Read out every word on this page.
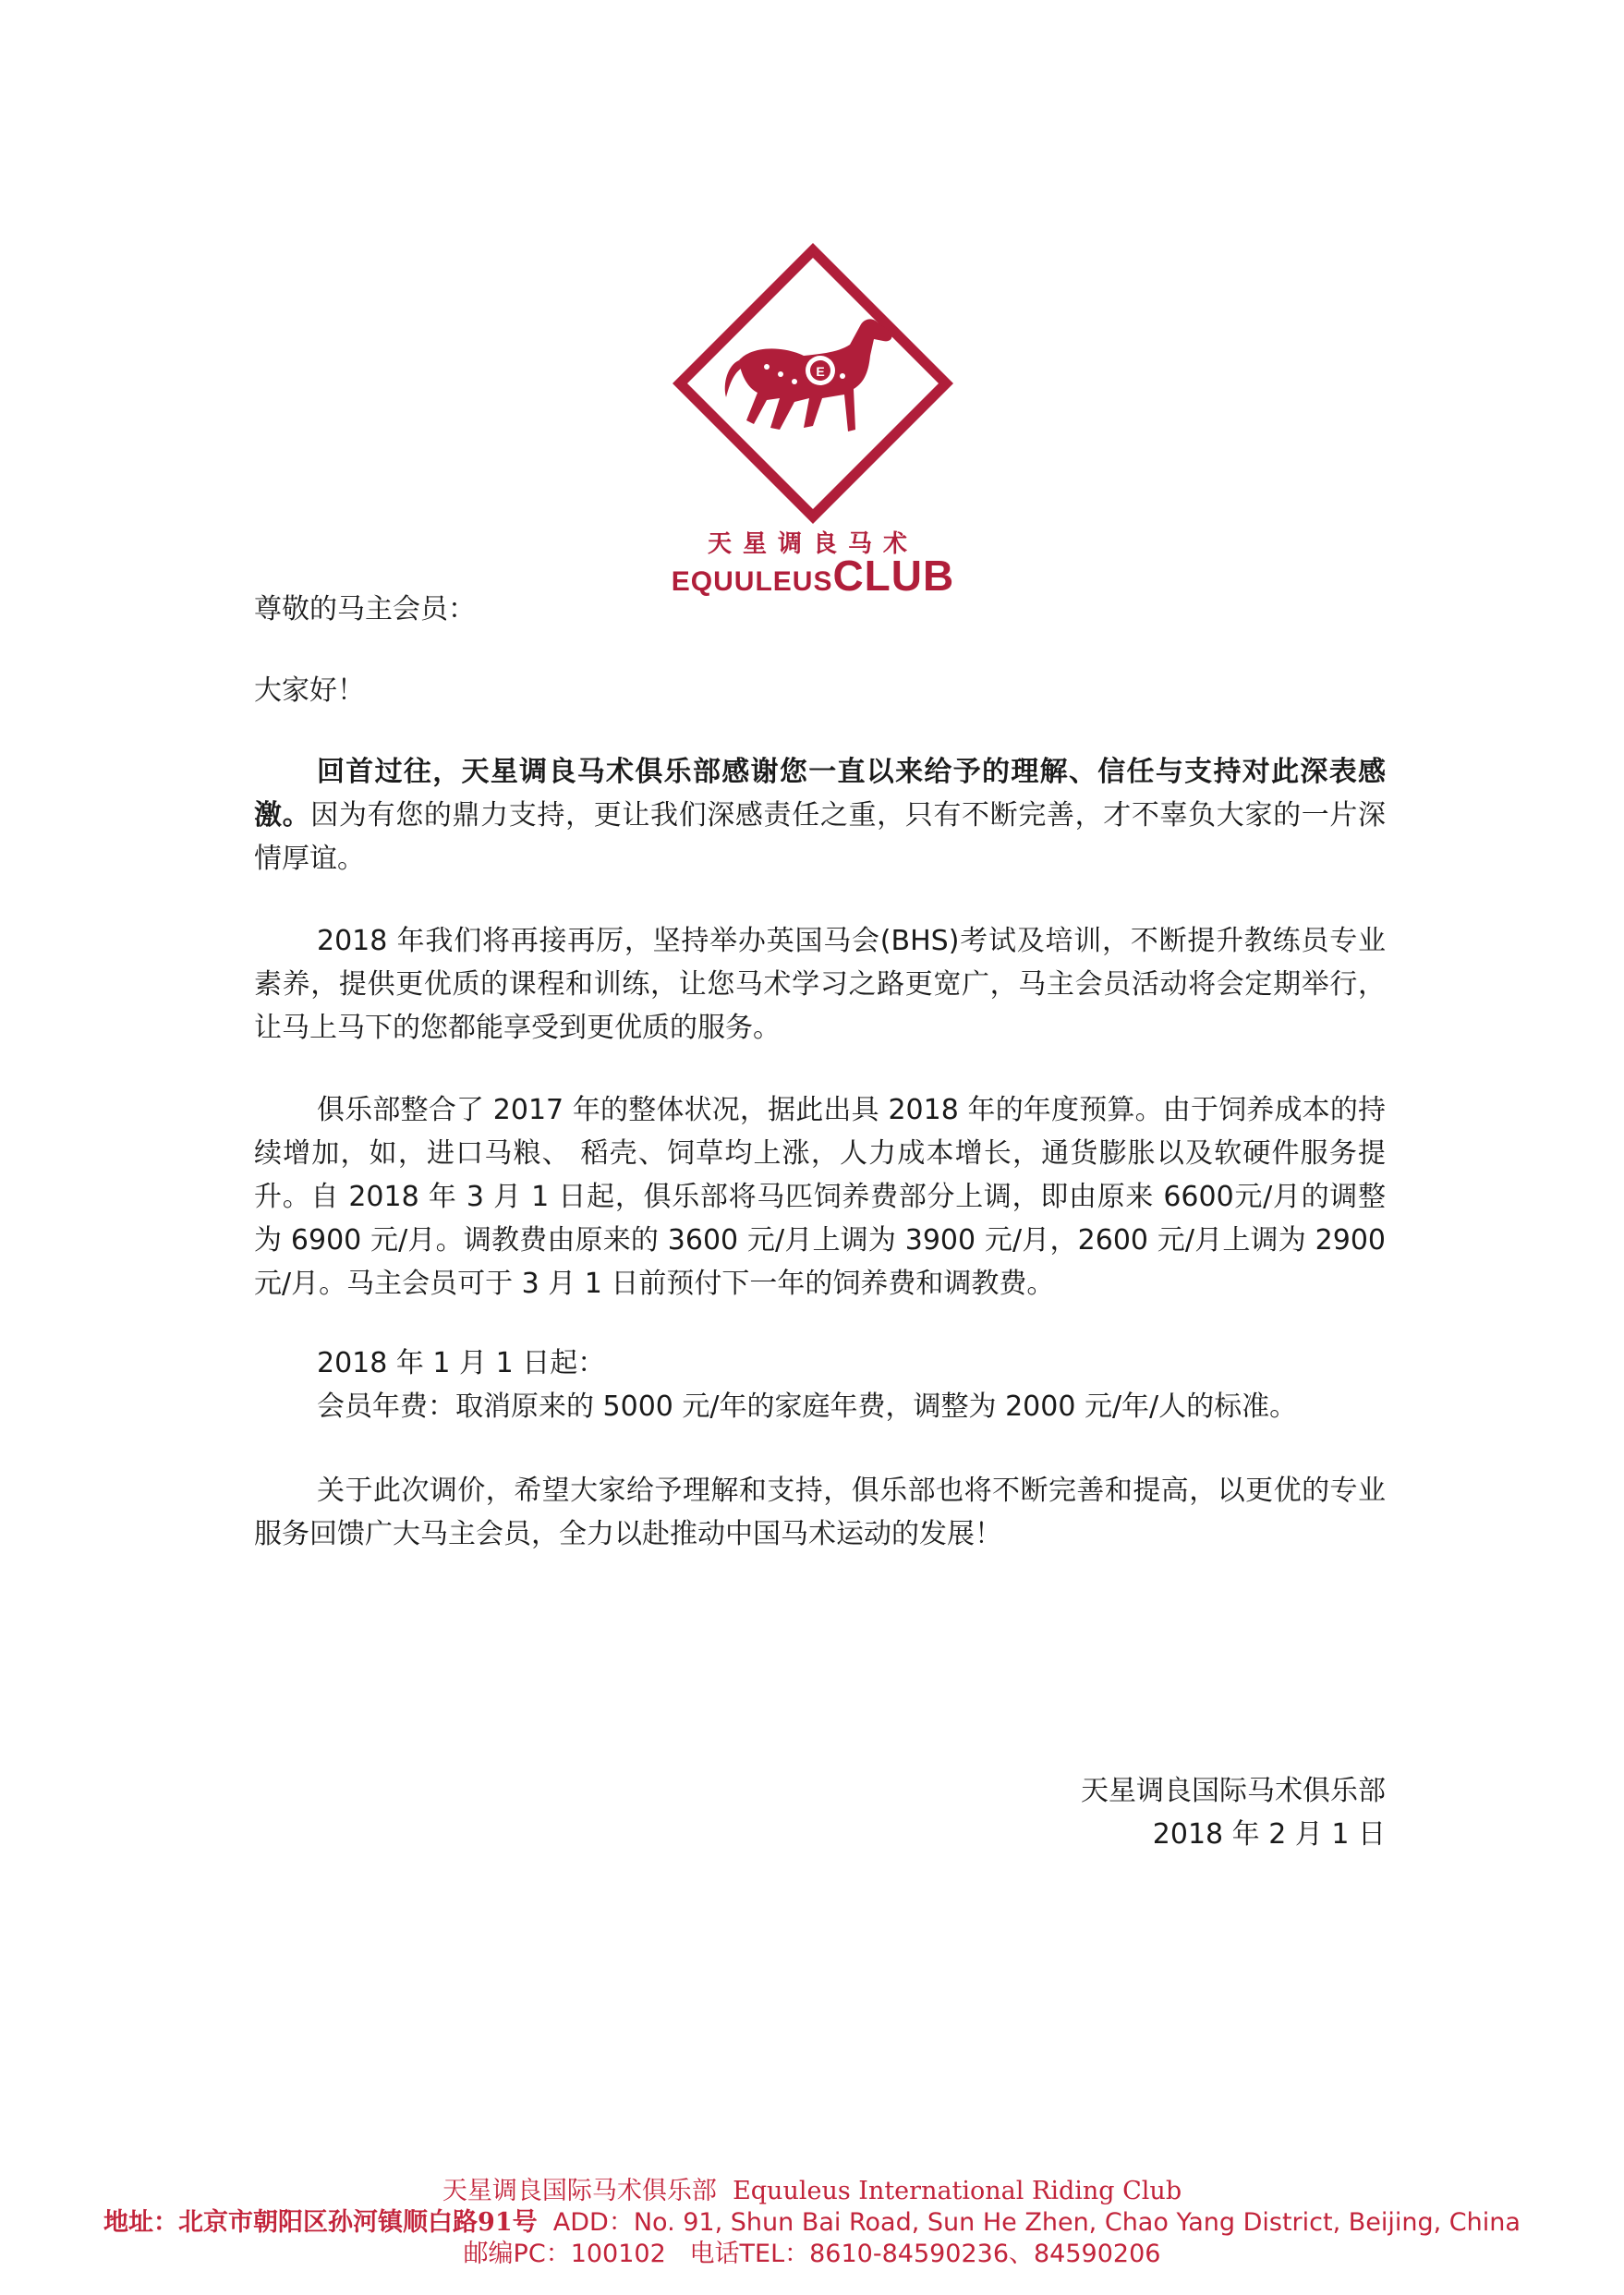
E
天星调良马术
EQUULEUSCLUB

尊敬的马主会员：

大家好！

回首过往，天星调良马术俱乐部感谢您一直以来给予的理解、信任与支持对此深表感激。因为有您的鼎力支持，更让我们深感责任之重，只有不断完善，才不辜负大家的一片深情厚谊。

2018 年我们将再接再厉，坚持举办英国马会(BHS)考试及培训，不断提升教练员专业素养，提供更优质的课程和训练，让您马术学习之路更宽广，马主会员活动将会定期举行，让马上马下的您都能享受到更优质的服务。

俱乐部整合了 2017 年的整体状况，据此出具 2018 年的年度预算。由于饲养成本的持续增加，如，进口马粮、 稻壳、饲草均上涨，人力成本增长，通货膨胀以及软硬件服务提升。自 2018 年 3 月 1 日起，俱乐部将马匹饲养费部分上调，即由原来 6600元/月的调整为 6900 元/月。调教费由原来的 3600 元/月上调为 3900 元/月，2600 元/月上调为 2900 元/月。马主会员可于 3 月 1 日前预付下一年的饲养费和调教费。

2018 年 1 月 1 日起：
会员年费：取消原来的 5000 元/年的家庭年费，调整为 2000 元/年/人的标准。

关于此次调价，希望大家给予理解和支持，俱乐部也将不断完善和提高，以更优的专业服务回馈广大马主会员，全力以赴推动中国马术运动的发展！

天星调良国际马术俱乐部
2018 年 2 月 1 日
天星调良国际马术俱乐部 Equuleus International Riding Club
地址：北京市朝阳区孙河镇顺白路91号 ADD：No. 91, Shun Bai Road, Sun He Zhen, Chao Yang District, Beijing, China
邮编PC：100102 电话TEL：8610-84590236、84590206
